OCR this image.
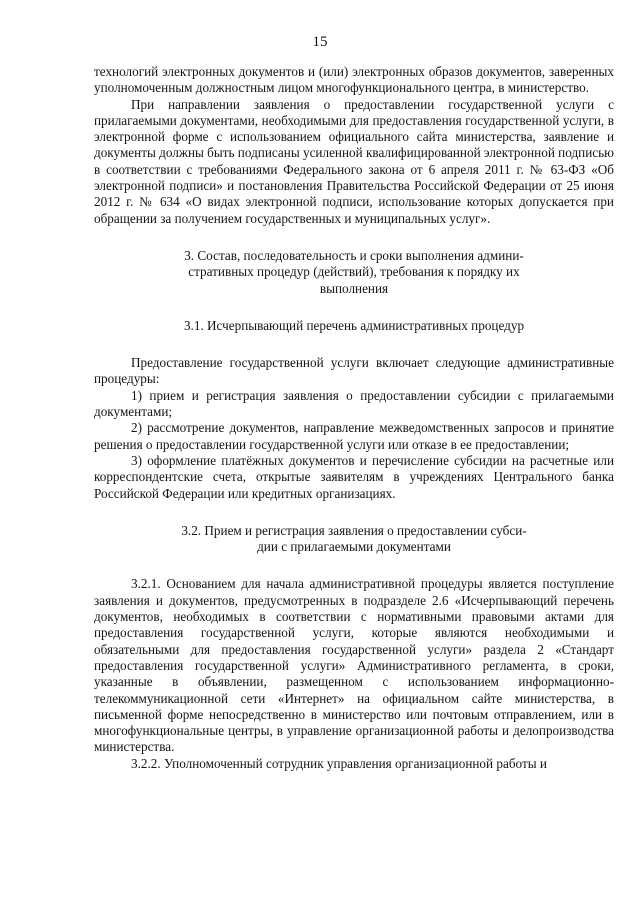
15

технологий электронных документов и (или) электронных образов документов, заверенных уполномоченным должностным лицом многофункционального центра, в министерство.

При направлении заявления о предоставлении государственной услуги с прилагаемыми документами, необходимыми для предоставления государственной услуги, в электронной форме с использованием официального сайта министерства, заявление и документы должны быть подписаны усиленной квалифицированной электронной подписью в соответствии с требованиями Федерального закона от 6 апреля 2011 г. № 63-ФЗ «Об электронной подписи» и постановления Правительства Российской Федерации от 25 июня 2012 г. № 634 «О видах электронной подписи, использование которых допускается при обращении за получением государственных и муниципальных услуг».

3. Состав, последовательность и сроки выполнения админи-

стративных процедур (действий), требования к порядку их

выполнения

3.1. Исчерпывающий перечень административных процедур

Предоставление государственной услуги включает следующие административные процедуры:

1) прием и регистрация заявления о предоставлении субсидии с прилагаемыми документами;

2) рассмотрение документов, направление межведомственных запросов и принятие решения о предоставлении государственной услуги или отказе в ее предоставлении;

3) оформление платёжных документов и перечисление субсидии на расчетные или корреспондентские счета, открытые заявителям в учреждениях Центрального банка Российской Федерации или кредитных организациях.

3.2. Прием и регистрация заявления о предоставлении субси-

дии с прилагаемыми документами

3.2.1. Основанием для начала административной процедуры является поступление заявления и документов, предусмотренных в подразделе 2.6 «Исчерпывающий перечень документов, необходимых в соответствии с нормативными правовыми актами для предоставления государственной услуги, которые являются необходимыми и обязательными для предоставления государственной услуги» раздела 2 «Стандарт предоставления государственной услуги» Административного регламента, в сроки, указанные в объявлении, размещенном с использованием информационно-телекоммуникационной сети «Интернет» на официальном сайте министерства, в письменной форме непосредственно в министерство или почтовым отправлением, или в многофункциональные центры, в управление организационной работы и делопроизводства министерства.

3.2.2. Уполномоченный сотрудник управления организационной работы и
